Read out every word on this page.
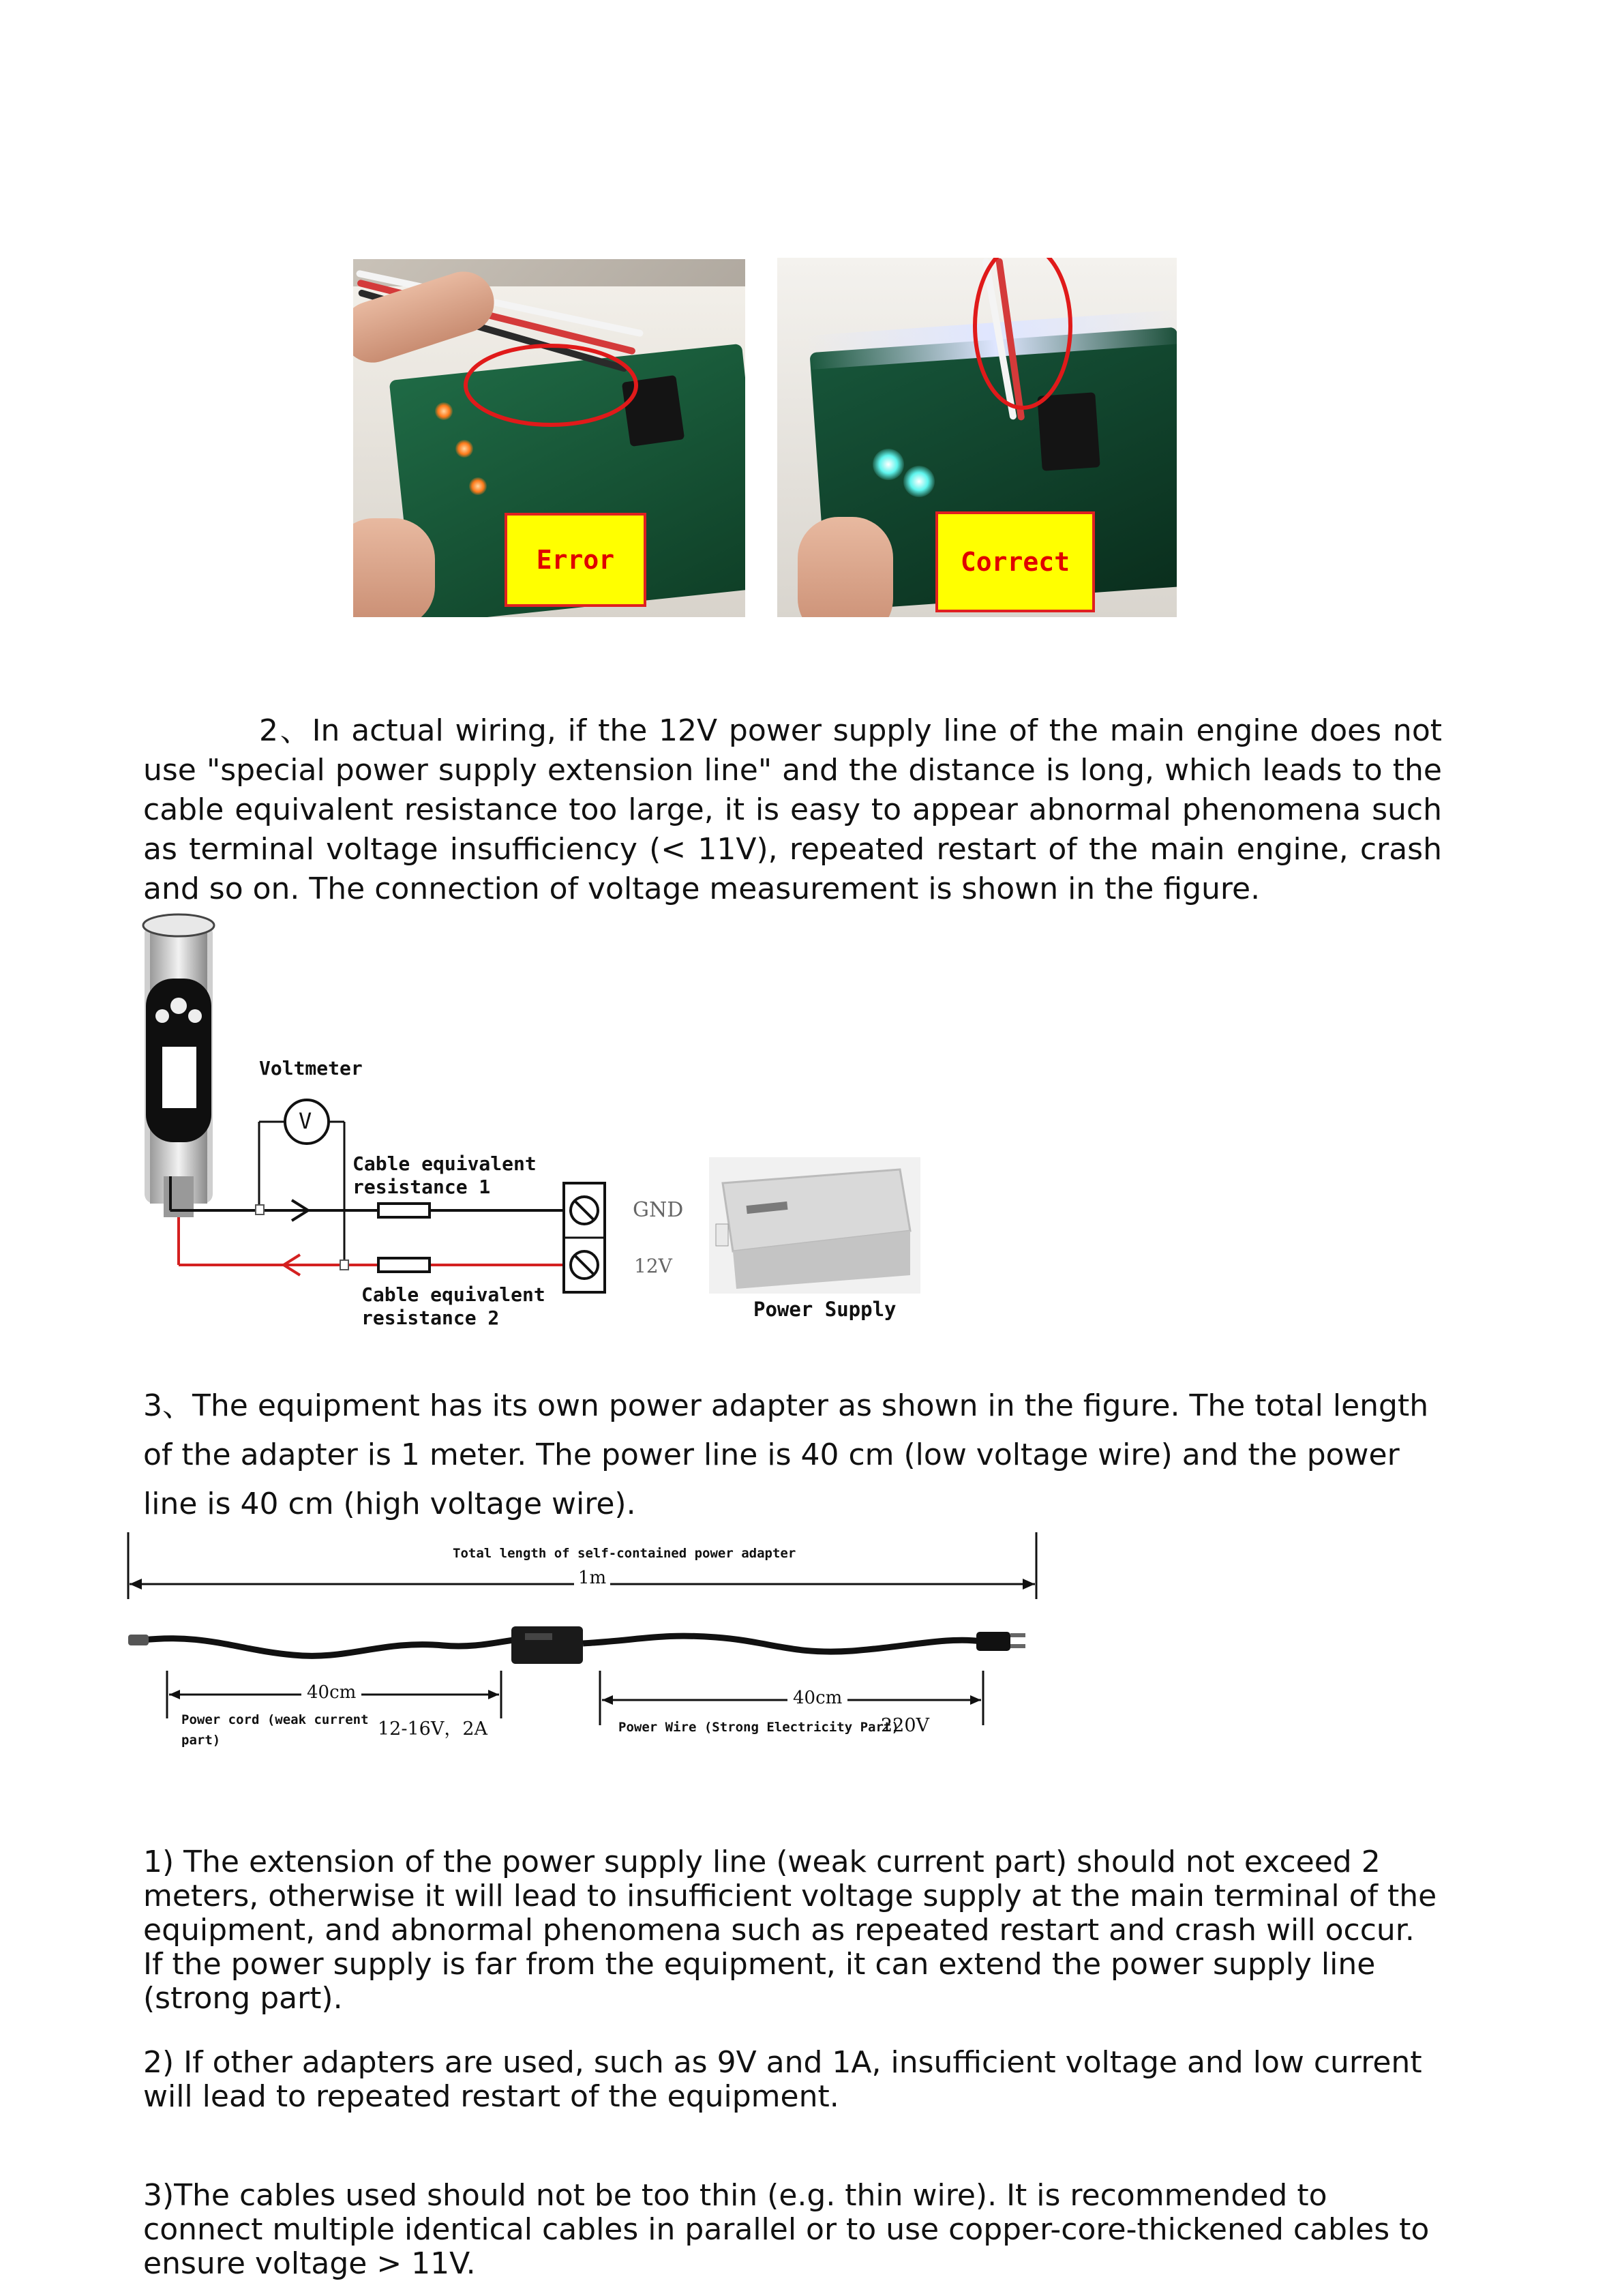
Error	Correct
2、In actual wiring, if the 12V power supply line of the main engine does not use "special power supply extension line" and the distance is long, which leads to the cable equivalent resistance too large, it is easy to appear abnormal phenomena such as terminal voltage insufficiency (< 11V), repeated restart of the main engine, crash and so on. The connection of voltage measurement is shown in the figure.
Voltmeter
V
Cable equivalent resistance 1
Cable equivalent resistance 2
GND
12V
Power Supply
3、The equipment has its own power adapter as shown in the figure. The total length of the adapter is 1 meter. The power line is 40 cm (low voltage wire) and the power line is 40 cm (high voltage wire).
Total length of self-contained power adapter
1m
40cm
Power cord (weak current part)
12-16V，2A
40cm
Power Wire (Strong Electricity Part)
220V
1) The extension of the power supply line (weak current part) should not exceed 2 meters, otherwise it will lead to insufficient voltage supply at the main terminal of the equipment, and abnormal phenomena such as repeated restart and crash will occur. If the power supply is far from the equipment, it can extend the power supply line (strong part).
2) If other adapters are used, such as 9V and 1A, insufficient voltage and low current will lead to repeated restart of the equipment.
3)The cables used should not be too thin (e.g. thin wire). It is recommended to connect multiple identical cables in parallel or to use copper-core-thickened cables to ensure voltage > 11V.
